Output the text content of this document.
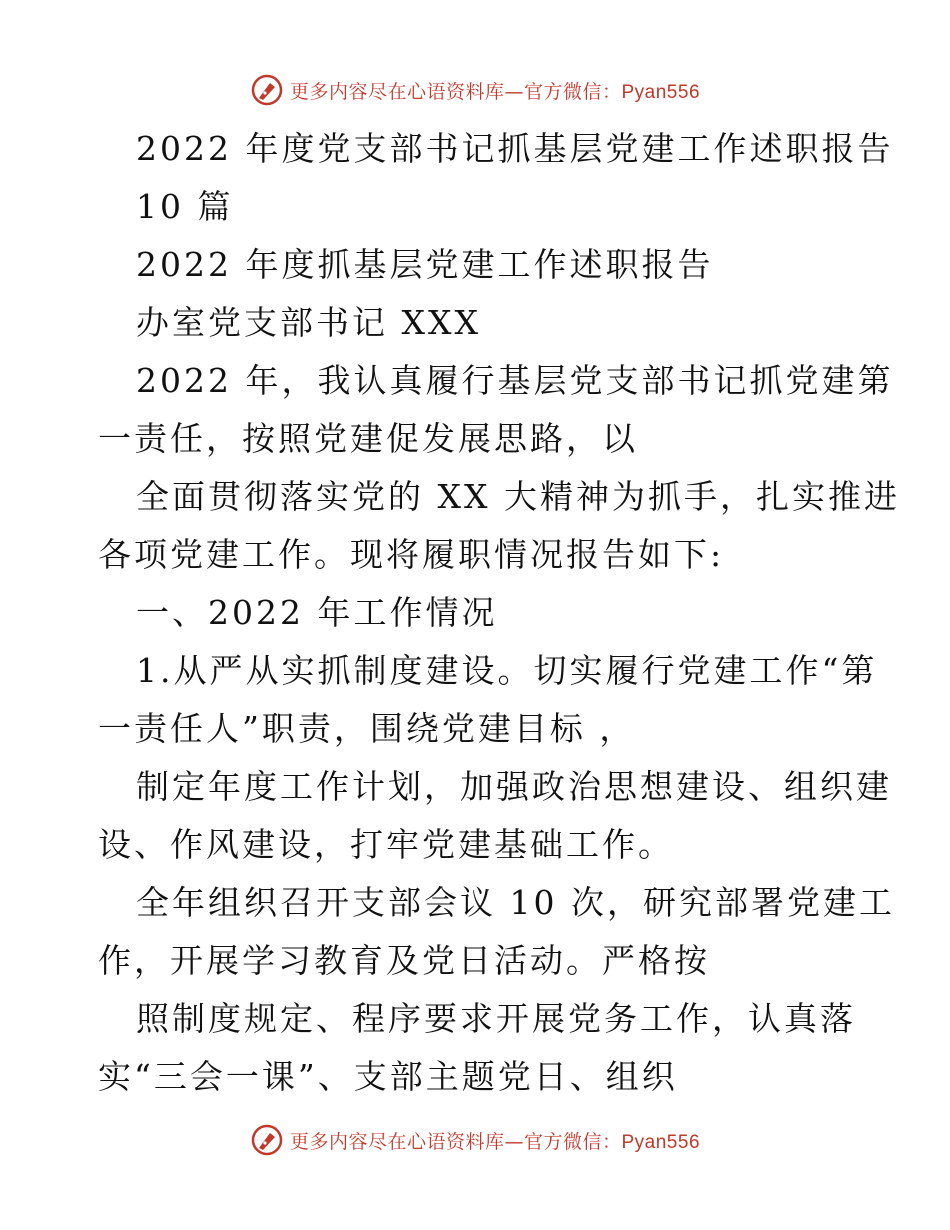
更多内容尽在心语资料库—官方微信：Pyan556
2022 年度党支部书记抓基层党建工作述职报告
10 篇
2022 年度抓基层党建工作述职报告
办室党支部书记 XXX
2022 年，我认真履行基层党支部书记抓党建第
一责任，按照党建促发展思路，以
全面贯彻落实党的 XX 大精神为抓手，扎实推进
各项党建工作。现将履职情况报告如下:
一、2022 年工作情况
1.从严从实抓制度建设。切实履行党建工作“第
一责任人”职责，围绕党建目标 ，
制定年度工作计划，加强政治思想建设、组织建
设、作风建设，打牢党建基础工作。
全年组织召开支部会议 10 次，研究部署党建工
作，开展学习教育及党日活动。严格按
照制度规定、程序要求开展党务工作，认真落
实“三会一课”、支部主题党日、组织
更多内容尽在心语资料库—官方微信：Pyan556
